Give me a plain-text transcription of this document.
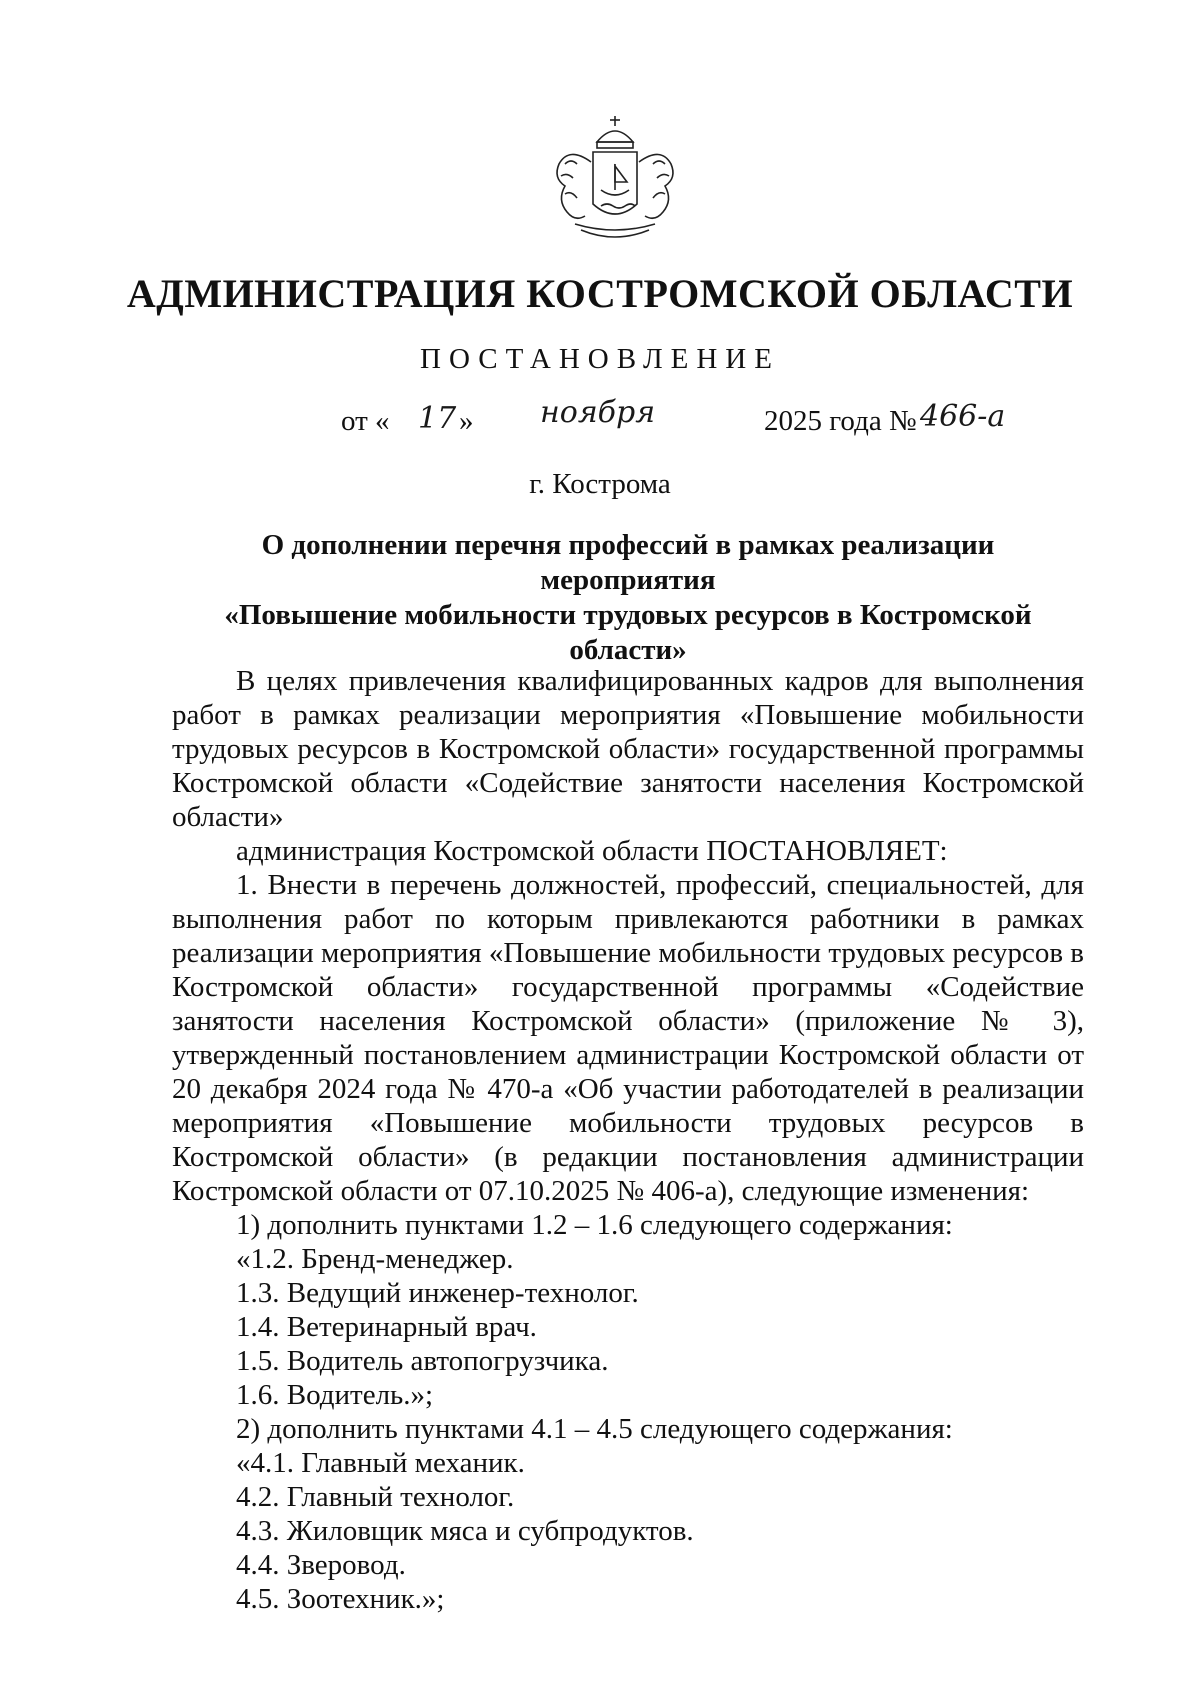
АДМИНИСТРАЦИЯ КОСТРОМСКОЙ ОБЛАСТИ
ПОСТАНОВЛЕНИЕ
от « 17 » ноября	2025 года № 466-а
г. Кострома
О дополнении перечня профессий в рамках реализации мероприятия
«Повышение мобильности трудовых ресурсов в Костромской области»

В целях привлечения квалифицированных кадров для выполнения работ в рамках реализации мероприятия «Повышение мобильности трудовых ресурсов в Костромской области» государственной программы Костромской области «Содействие занятости населения Костромской области»

администрация Костромской области ПОСТАНОВЛЯЕТ:

1. Внести в перечень должностей, профессий, специальностей, для выполнения работ по которым привлекаются работники в рамках реализации мероприятия «Повышение мобильности трудовых ресурсов в Костромской области» государственной программы «Содействие занятости населения Костромской области» (приложение № 3), утвержденный постановлением администрации Костромской области от 20 декабря 2024 года № 470-а «Об участии работодателей в реализации мероприятия «Повышение мобильности трудовых ресурсов в Костромской области» (в редакции постановления администрации Костромской области от 07.10.2025 № 406-а), следующие изменения:

1) дополнить пунктами 1.2 – 1.6 следующего содержания:

«1.2. Бренд-менеджер.

1.3. Ведущий инженер-технолог.

1.4. Ветеринарный врач.

1.5. Водитель автопогрузчика.

1.6. Водитель.»;

2) дополнить пунктами 4.1 – 4.5 следующего содержания:

«4.1. Главный механик.

4.2. Главный технолог.

4.3. Жиловщик мяса и субпродуктов.

4.4. Зверовод.

4.5. Зоотехник.»;
